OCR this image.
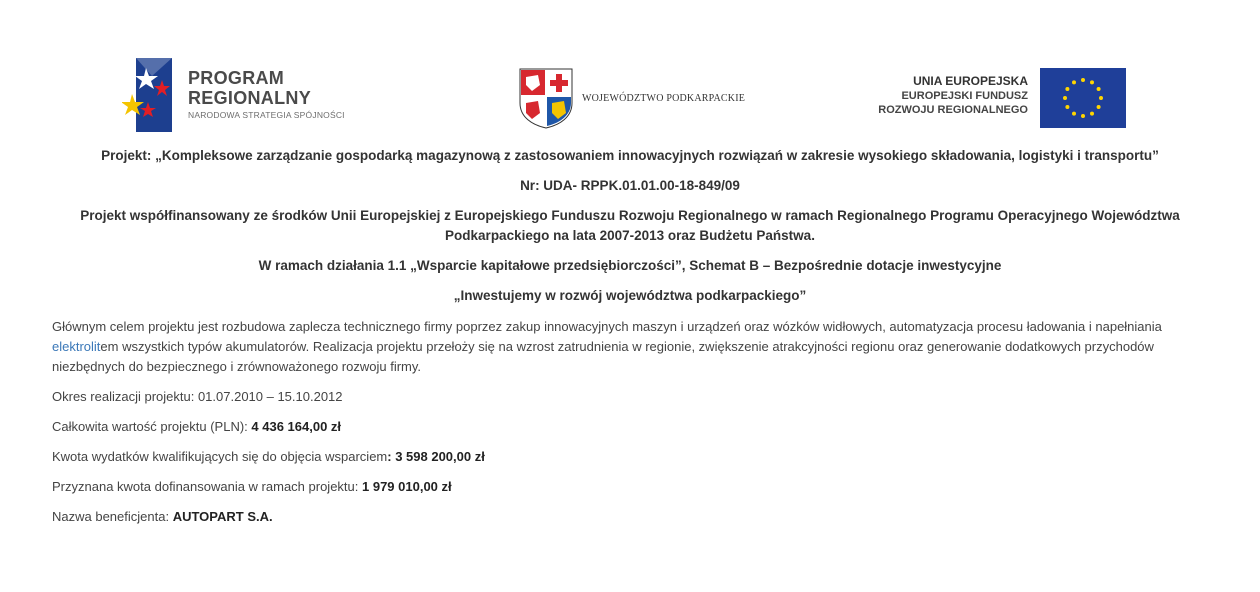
PROGRAM
REGIONALNY
NARODOWA STRATEGIA SPÓJNOŚCI
WOJEWÓDZTWO PODKARPACKIE
UNIA EUROPEJSKA
EUROPEJSKI FUNDUSZ
ROZWOJU REGIONALNEGO
Projekt: „Kompleksowe zarządzanie gospodarką magazynową z zastosowaniem innowacyjnych rozwiązań w zakresie wysokiego składowania, logistyki i transportu”
Nr: UDA- RPPK.01.01.00-18-849/09
Projekt współfinansowany ze środków Unii Europejskiej z Europejskiego Funduszu Rozwoju Regionalnego w ramach Regionalnego Programu Operacyjnego Województwa Podkarpackiego na lata 2007-2013 oraz Budżetu Państwa.
W ramach działania 1.1 „Wsparcie kapitałowe przedsiębiorczości”, Schemat B – Bezpośrednie dotacje inwestycyjne
„Inwestujemy w rozwój województwa podkarpackiego”
Głównym celem projektu jest rozbudowa zaplecza technicznego firmy poprzez zakup innowacyjnych maszyn i urządzeń oraz wózków widłowych, automatyzacja procesu ładowania i napełniania elektrolitem wszystkich typów akumulatorów. Realizacja projektu przełoży się na wzrost zatrudnienia w regionie, zwiększenie atrakcyjności regionu oraz generowanie dodatkowych przychodów niezbędnych do bezpiecznego i zrównoważonego rozwoju firmy.
Okres realizacji projektu: 01.07.2010 – 15.10.2012
Całkowita wartość projektu (PLN): 4 436 164,00 zł
Kwota wydatków kwalifikujących się do objęcia wsparciem: 3 598 200,00 zł
Przyznana kwota dofinansowania w ramach projektu: 1 979 010,00 zł
Nazwa beneficjenta: AUTOPART S.A.
